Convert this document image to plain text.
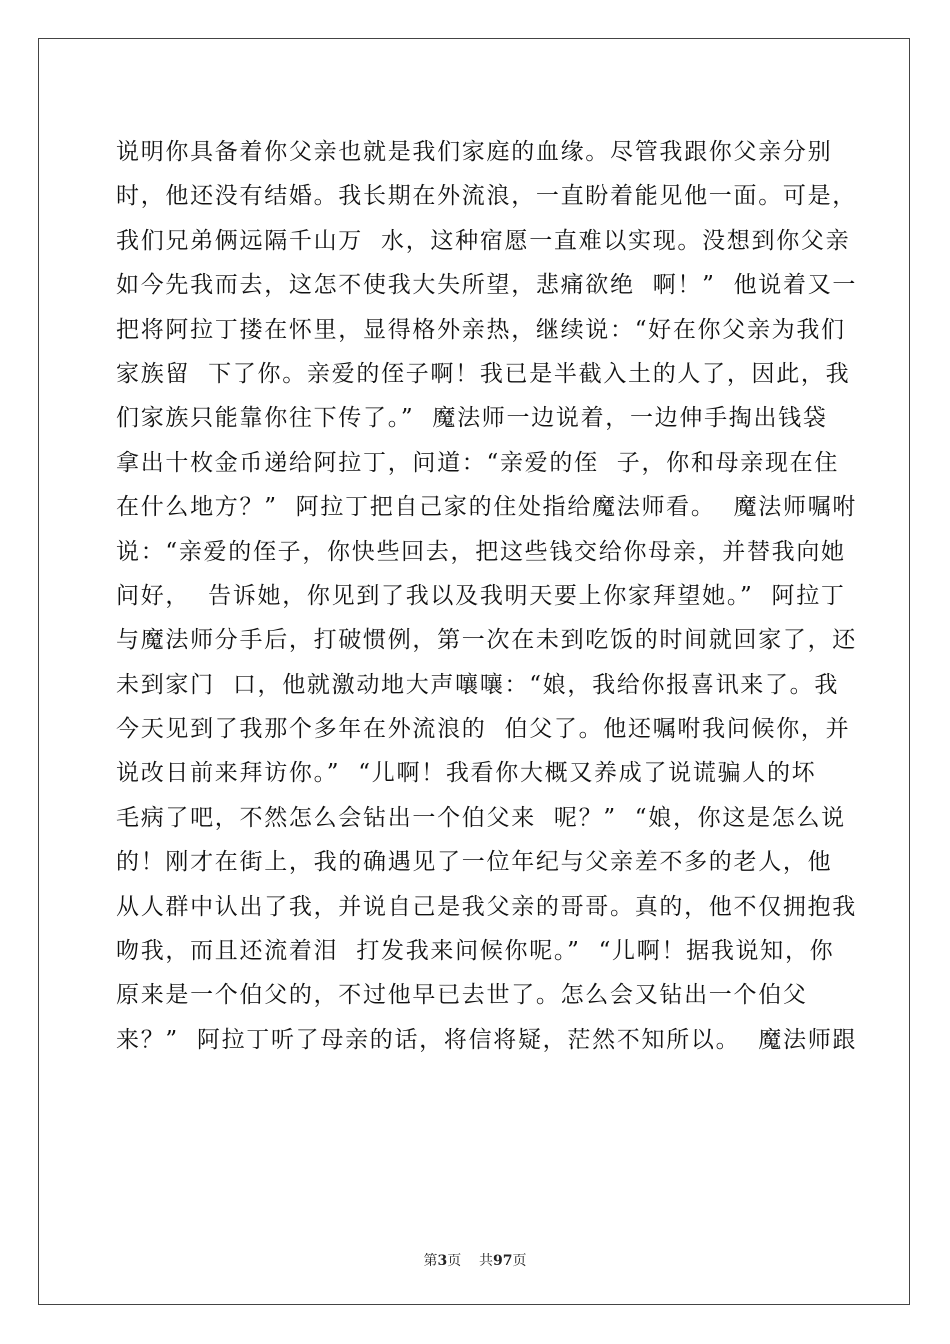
说明你具备着你父亲也就是我们家庭的血缘。尽管我跟你父亲分别
时，他还没有结婚。我长期在外流浪，一直盼着能见他一面。可是，
我们兄弟俩远隔千山万  水，这种宿愿一直难以实现。没想到你父亲
如今先我而去，这怎不使我大失所望，悲痛欲绝  啊！”  他说着又一
把将阿拉丁搂在怀里，显得格外亲热，继续说：“好在你父亲为我们
家族留  下了你。亲爱的侄子啊！我已是半截入土的人了，因此，我
们家族只能靠你往下传了。”  魔法师一边说着，一边伸手掏出钱袋
拿出十枚金币递给阿拉丁，问道：“亲爱的侄  子，你和母亲现在住
在什么地方？”  阿拉丁把自己家的住处指给魔法师看。  魔法师嘱咐
说：“亲爱的侄子，你快些回去，把这些钱交给你母亲，并替我向她
问好，  告诉她，你见到了我以及我明天要上你家拜望她。”  阿拉丁
与魔法师分手后，打破惯例，第一次在未到吃饭的时间就回家了，还
未到家门  口，他就激动地大声嚷嚷：“娘，我给你报喜讯来了。我
今天见到了我那个多年在外流浪的  伯父了。他还嘱咐我问候你，并
说改日前来拜访你。”  “儿啊！我看你大概又养成了说谎骗人的坏
毛病了吧，不然怎么会钻出一个伯父来  呢？”  “娘，你这是怎么说
的！刚才在街上，我的确遇见了一位年纪与父亲差不多的老人，他
从人群中认出了我，并说自己是我父亲的哥哥。真的，他不仅拥抱我
吻我，而且还流着泪  打发我来问候你呢。”  “儿啊！据我说知，你
原来是一个伯父的，不过他早已去世了。怎么会又钻出一个伯父
来？”  阿拉丁听了母亲的话，将信将疑，茫然不知所以。  魔法师跟
第3页 共97页
